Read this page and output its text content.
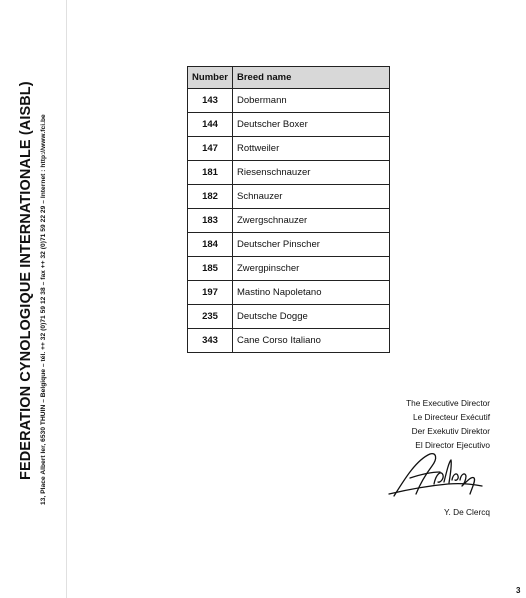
FEDERATION CYNOLOGIQUE INTERNATIONALE (AISBL) 13, Place Albert Ier, 6530 THUIN – Belgique – tél. ++ 32 (0)71 59 12 38 – fax ++ 32 (0)71 59 22 29 – Internet : http://www.fci.be
Number	Breed name
143	Dobermann
144	Deutscher Boxer
147	Rottweiler
181	Riesenschnauzer
182	Schnauzer
183	Zwergschnauzer
184	Deutscher Pinscher
185	Zwergpinscher
197	Mastino Napoletano
235	Deutsche Dogge
343	Cane Corso Italiano
The Executive Director
Le Directeur Exécutif
Der Exekutiv Direktor
El Director Ejecutivo
Y. De Clercq
3
